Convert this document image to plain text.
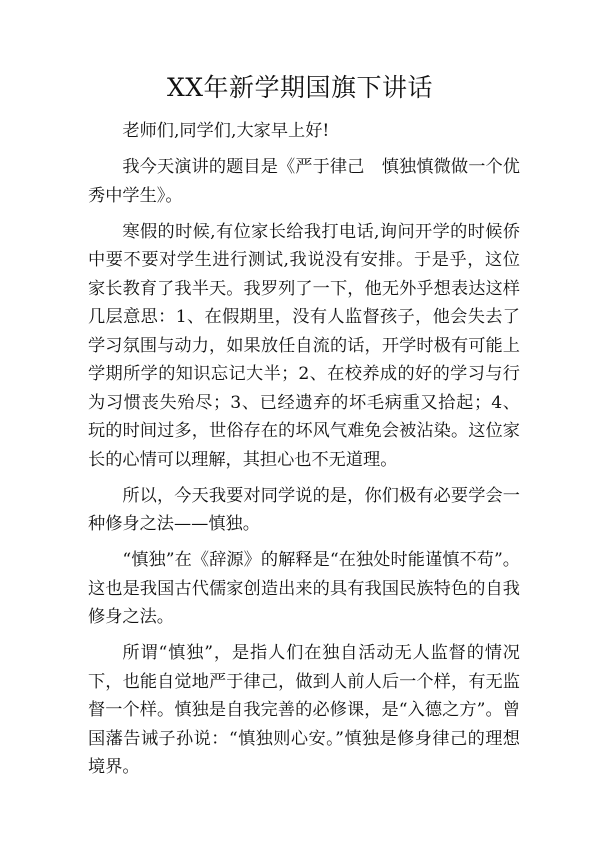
XX年新学期国旗下讲话

老师们,同学们,大家早上好!

我今天演讲的题目是《严于律己　慎独慎微做一个优秀中学生》。

寒假的时候,有位家长给我打电话,询问开学的时候侨中要不要对学生进行测试,我说没有安排。于是乎，这位家长教育了我半天。我罗列了一下，他无外乎想表达这样几层意思：1、在假期里，没有人监督孩子，他会失去了学习氛围与动力，如果放任自流的话，开学时极有可能上学期所学的知识忘记大半；2、在校养成的好的学习与行为习惯丧失殆尽；3、已经遗弃的坏毛病重又拾起；4、玩的时间过多，世俗存在的坏风气难免会被沾染。这位家长的心情可以理解，其担心也不无道理。

所以，今天我要对同学说的是，你们极有必要学会一种修身之法——慎独。

“慎独”在《辞源》的解释是“在独处时能谨慎不苟”。这也是我国古代儒家创造出来的具有我国民族特色的自我修身之法。

所谓“慎独”，是指人们在独自活动无人监督的情况下，也能自觉地严于律己，做到人前人后一个样，有无监督一个样。慎独是自我完善的必修课，是“入德之方”。曾国藩告诫子孙说：“慎独则心安。”慎独是修身律己的理想境界。
